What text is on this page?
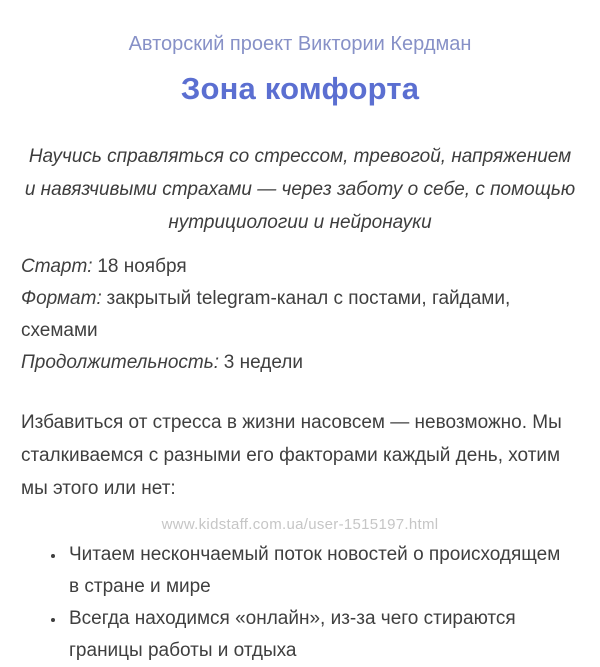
Авторский проект Виктории Кердман
Зона комфорта

Научись справляться со стрессом, тревогой, напряжением и навязчивыми страхами — через заботу о себе, с помощью нутрициологии и нейронауки

Старт: 18 ноября
Формат: закрытый telegram-канал с постами, гайдами, схемами
Продолжительность: 3 недели

Избавиться от стресса в жизни насовсем — невозможно. Мы сталкиваемся с разными его факторами каждый день, хотим мы этого или нет:

www.kidstaff.com.ua/user-1515197.html
• Читаем нескончаемый поток новостей о происходящем в стране и мире
• Всегда находимся «онлайн», из-за чего стираются границы работы и отдыха
